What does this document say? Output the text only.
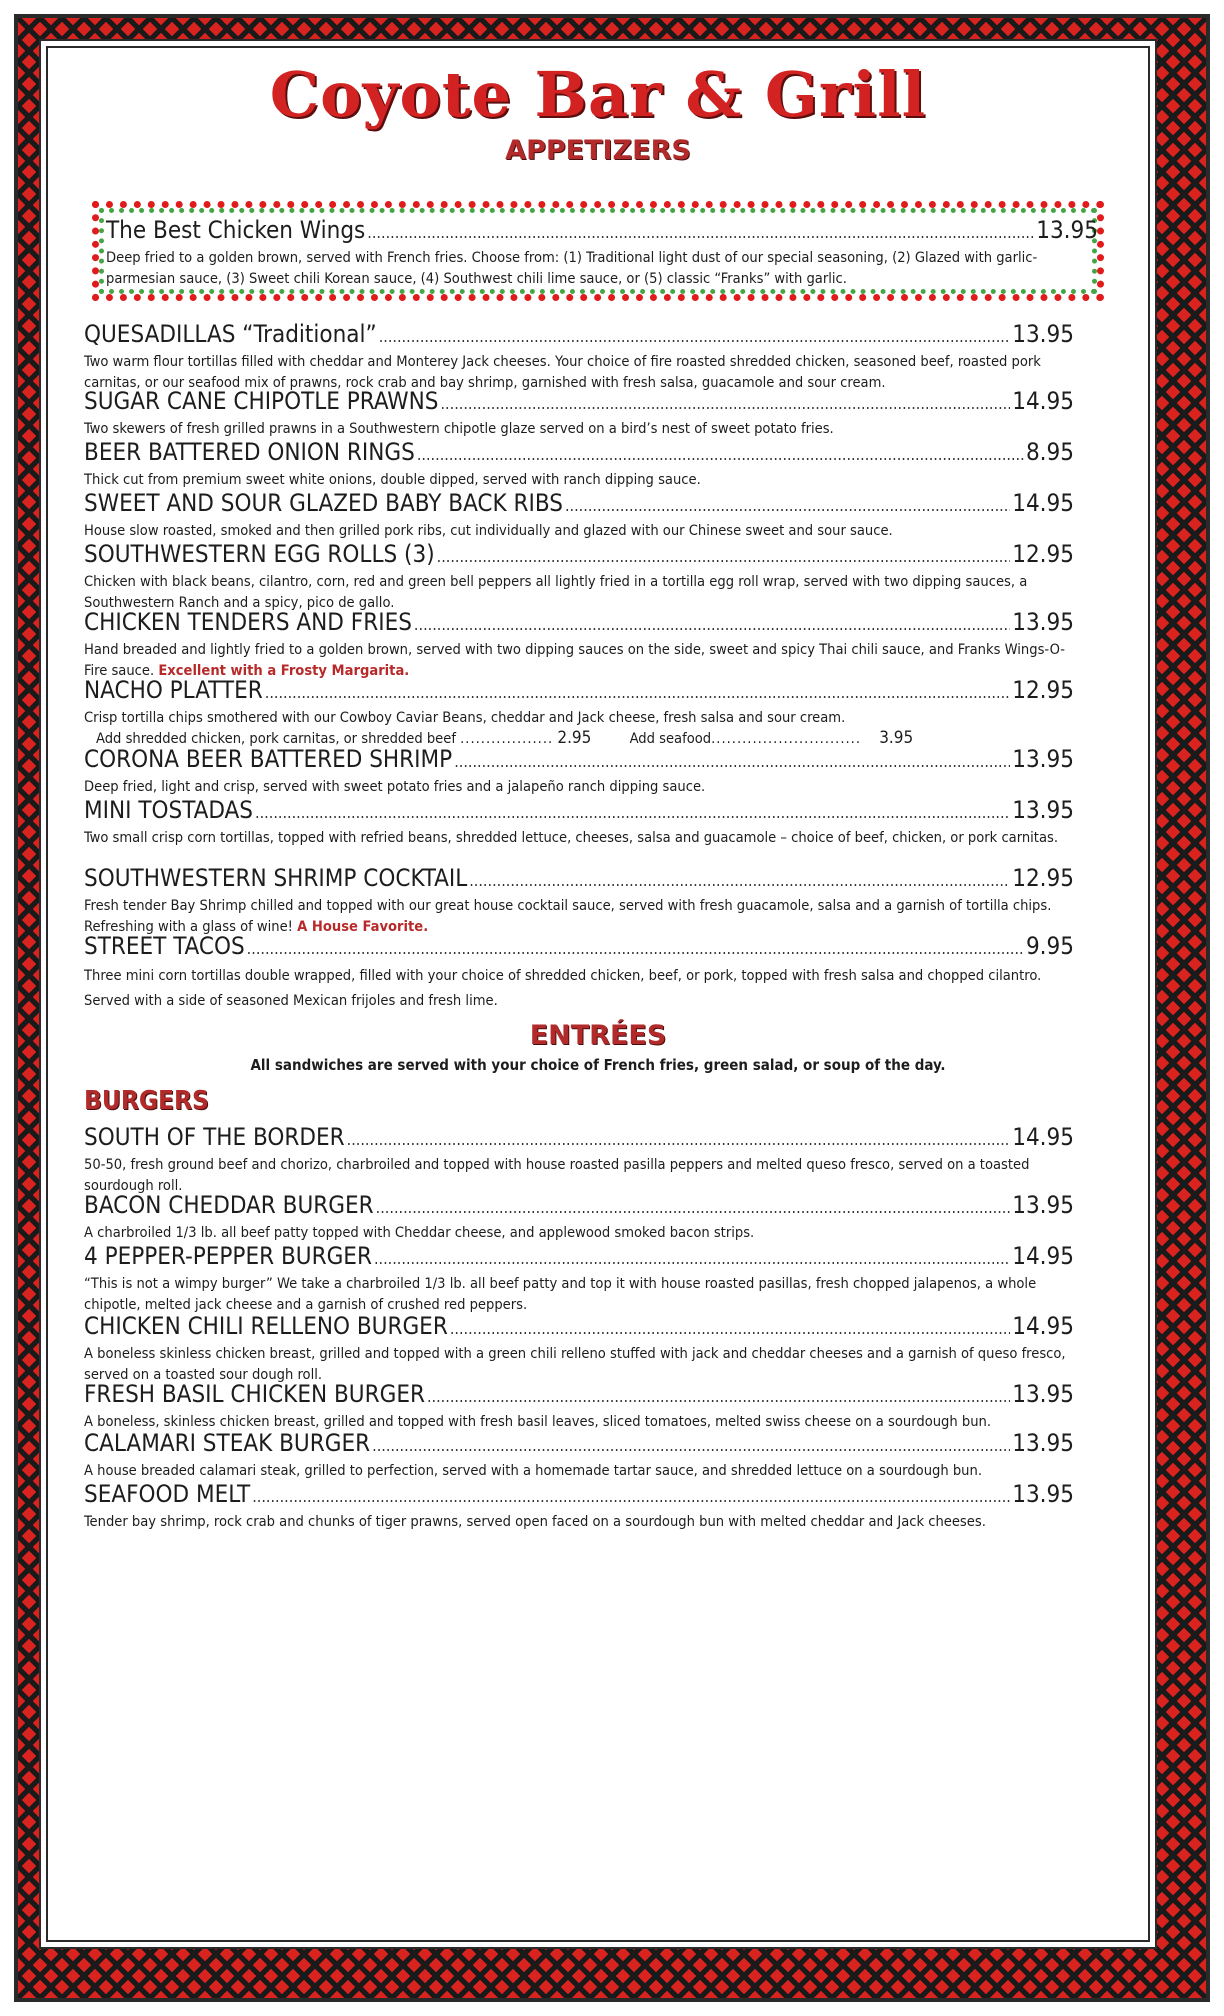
Coyote Bar & Grill
APPETIZERS
The Best Chicken Wings .....	13.95
Deep fried to a golden brown, served with French fries. Choose from: (1) Traditional light dust of our special seasoning, (2) Glazed with garlic-parmesian sauce, (3) Sweet chili Korean sauce, (4) Southwest chili lime sauce, or (5) classic “Franks” with garlic.
QUESADILLAS “Traditional” .....	13.95
Two warm flour tortillas filled with cheddar and Monterey Jack cheeses. Your choice of fire roasted shredded chicken, seasoned beef, roasted pork carnitas, or our seafood mix of prawns, rock crab and bay shrimp, garnished with fresh salsa, guacamole and sour cream.
SUGAR CANE CHIPOTLE PRAWNS .....	14.95
Two skewers of fresh grilled prawns in a Southwestern chipotle glaze served on a bird’s nest of sweet potato fries.
BEER BATTERED ONION RINGS .....	8.95
Thick cut from premium sweet white onions, double dipped, served with ranch dipping sauce.
SWEET AND SOUR GLAZED BABY BACK RIBS .....	14.95
House slow roasted, smoked and then grilled pork ribs, cut individually and glazed with our Chinese sweet and sour sauce.
SOUTHWESTERN EGG ROLLS (3) .....	12.95
Chicken with black beans, cilantro, corn, red and green bell peppers all lightly fried in a tortilla egg roll wrap, served with two dipping sauces, a Southwestern Ranch and a spicy, pico de gallo.
CHICKEN TENDERS AND FRIES .....	13.95
Hand breaded and lightly fried to a golden brown, served with two dipping sauces on the side, sweet and spicy Thai chili sauce, and Franks Wings-O-Fire sauce. Excellent with a Frosty Margarita.
NACHO PLATTER .....	12.95
Crisp tortilla chips smothered with our Cowboy Caviar Beans, cheddar and Jack cheese, fresh salsa and sour cream.
Add shredded chicken, pork carnitas, or shredded beef .................. 2.95	Add seafood............................. 3.95
CORONA BEER BATTERED SHRIMP .....	13.95
Deep fried, light and crisp, served with sweet potato fries and a jalapeño ranch dipping sauce.
MINI TOSTADAS .....	13.95
Two small crisp corn tortillas, topped with refried beans, shredded lettuce, cheeses, salsa and guacamole – choice of beef, chicken, or pork carnitas.
SOUTHWESTERN SHRIMP COCKTAIL .....	12.95
Fresh tender Bay Shrimp chilled and topped with our great house cocktail sauce, served with fresh guacamole, salsa and a garnish of tortilla chips. Refreshing with a glass of wine! A House Favorite.
STREET TACOS .....	9.95
Three mini corn tortillas double wrapped, filled with your choice of shredded chicken, beef, or pork, topped with fresh salsa and chopped cilantro. Served with a side of seasoned Mexican frijoles and fresh lime.
ENTRÉES
All sandwiches are served with your choice of French fries, green salad, or soup of the day.
BURGERS
SOUTH OF THE BORDER .....	14.95
50-50, fresh ground beef and chorizo, charbroiled and topped with house roasted pasilla peppers and melted queso fresco, served on a toasted sourdough roll.
BACON CHEDDAR BURGER .....	13.95
A charbroiled 1/3 lb. all beef patty topped with Cheddar cheese, and applewood smoked bacon strips.
4 PEPPER-PEPPER BURGER .....	14.95
“This is not a wimpy burger” We take a charbroiled 1/3 lb. all beef patty and top it with house roasted pasillas, fresh chopped jalapenos, a whole chipotle, melted jack cheese and a garnish of crushed red peppers.
CHICKEN CHILI RELLENO BURGER .....	14.95
A boneless skinless chicken breast, grilled and topped with a green chili relleno stuffed with jack and cheddar cheeses and a garnish of queso fresco, served on a toasted sour dough roll.
FRESH BASIL CHICKEN BURGER .....	13.95
A boneless, skinless chicken breast, grilled and topped with fresh basil leaves, sliced tomatoes, melted swiss cheese on a sourdough bun.
CALAMARI STEAK BURGER .....	13.95
A house breaded calamari steak, grilled to perfection, served with a homemade tartar sauce, and shredded lettuce on a sourdough bun.
SEAFOOD MELT .....	13.95
Tender bay shrimp, rock crab and chunks of tiger prawns, served open faced on a sourdough bun with melted cheddar and Jack cheeses.
